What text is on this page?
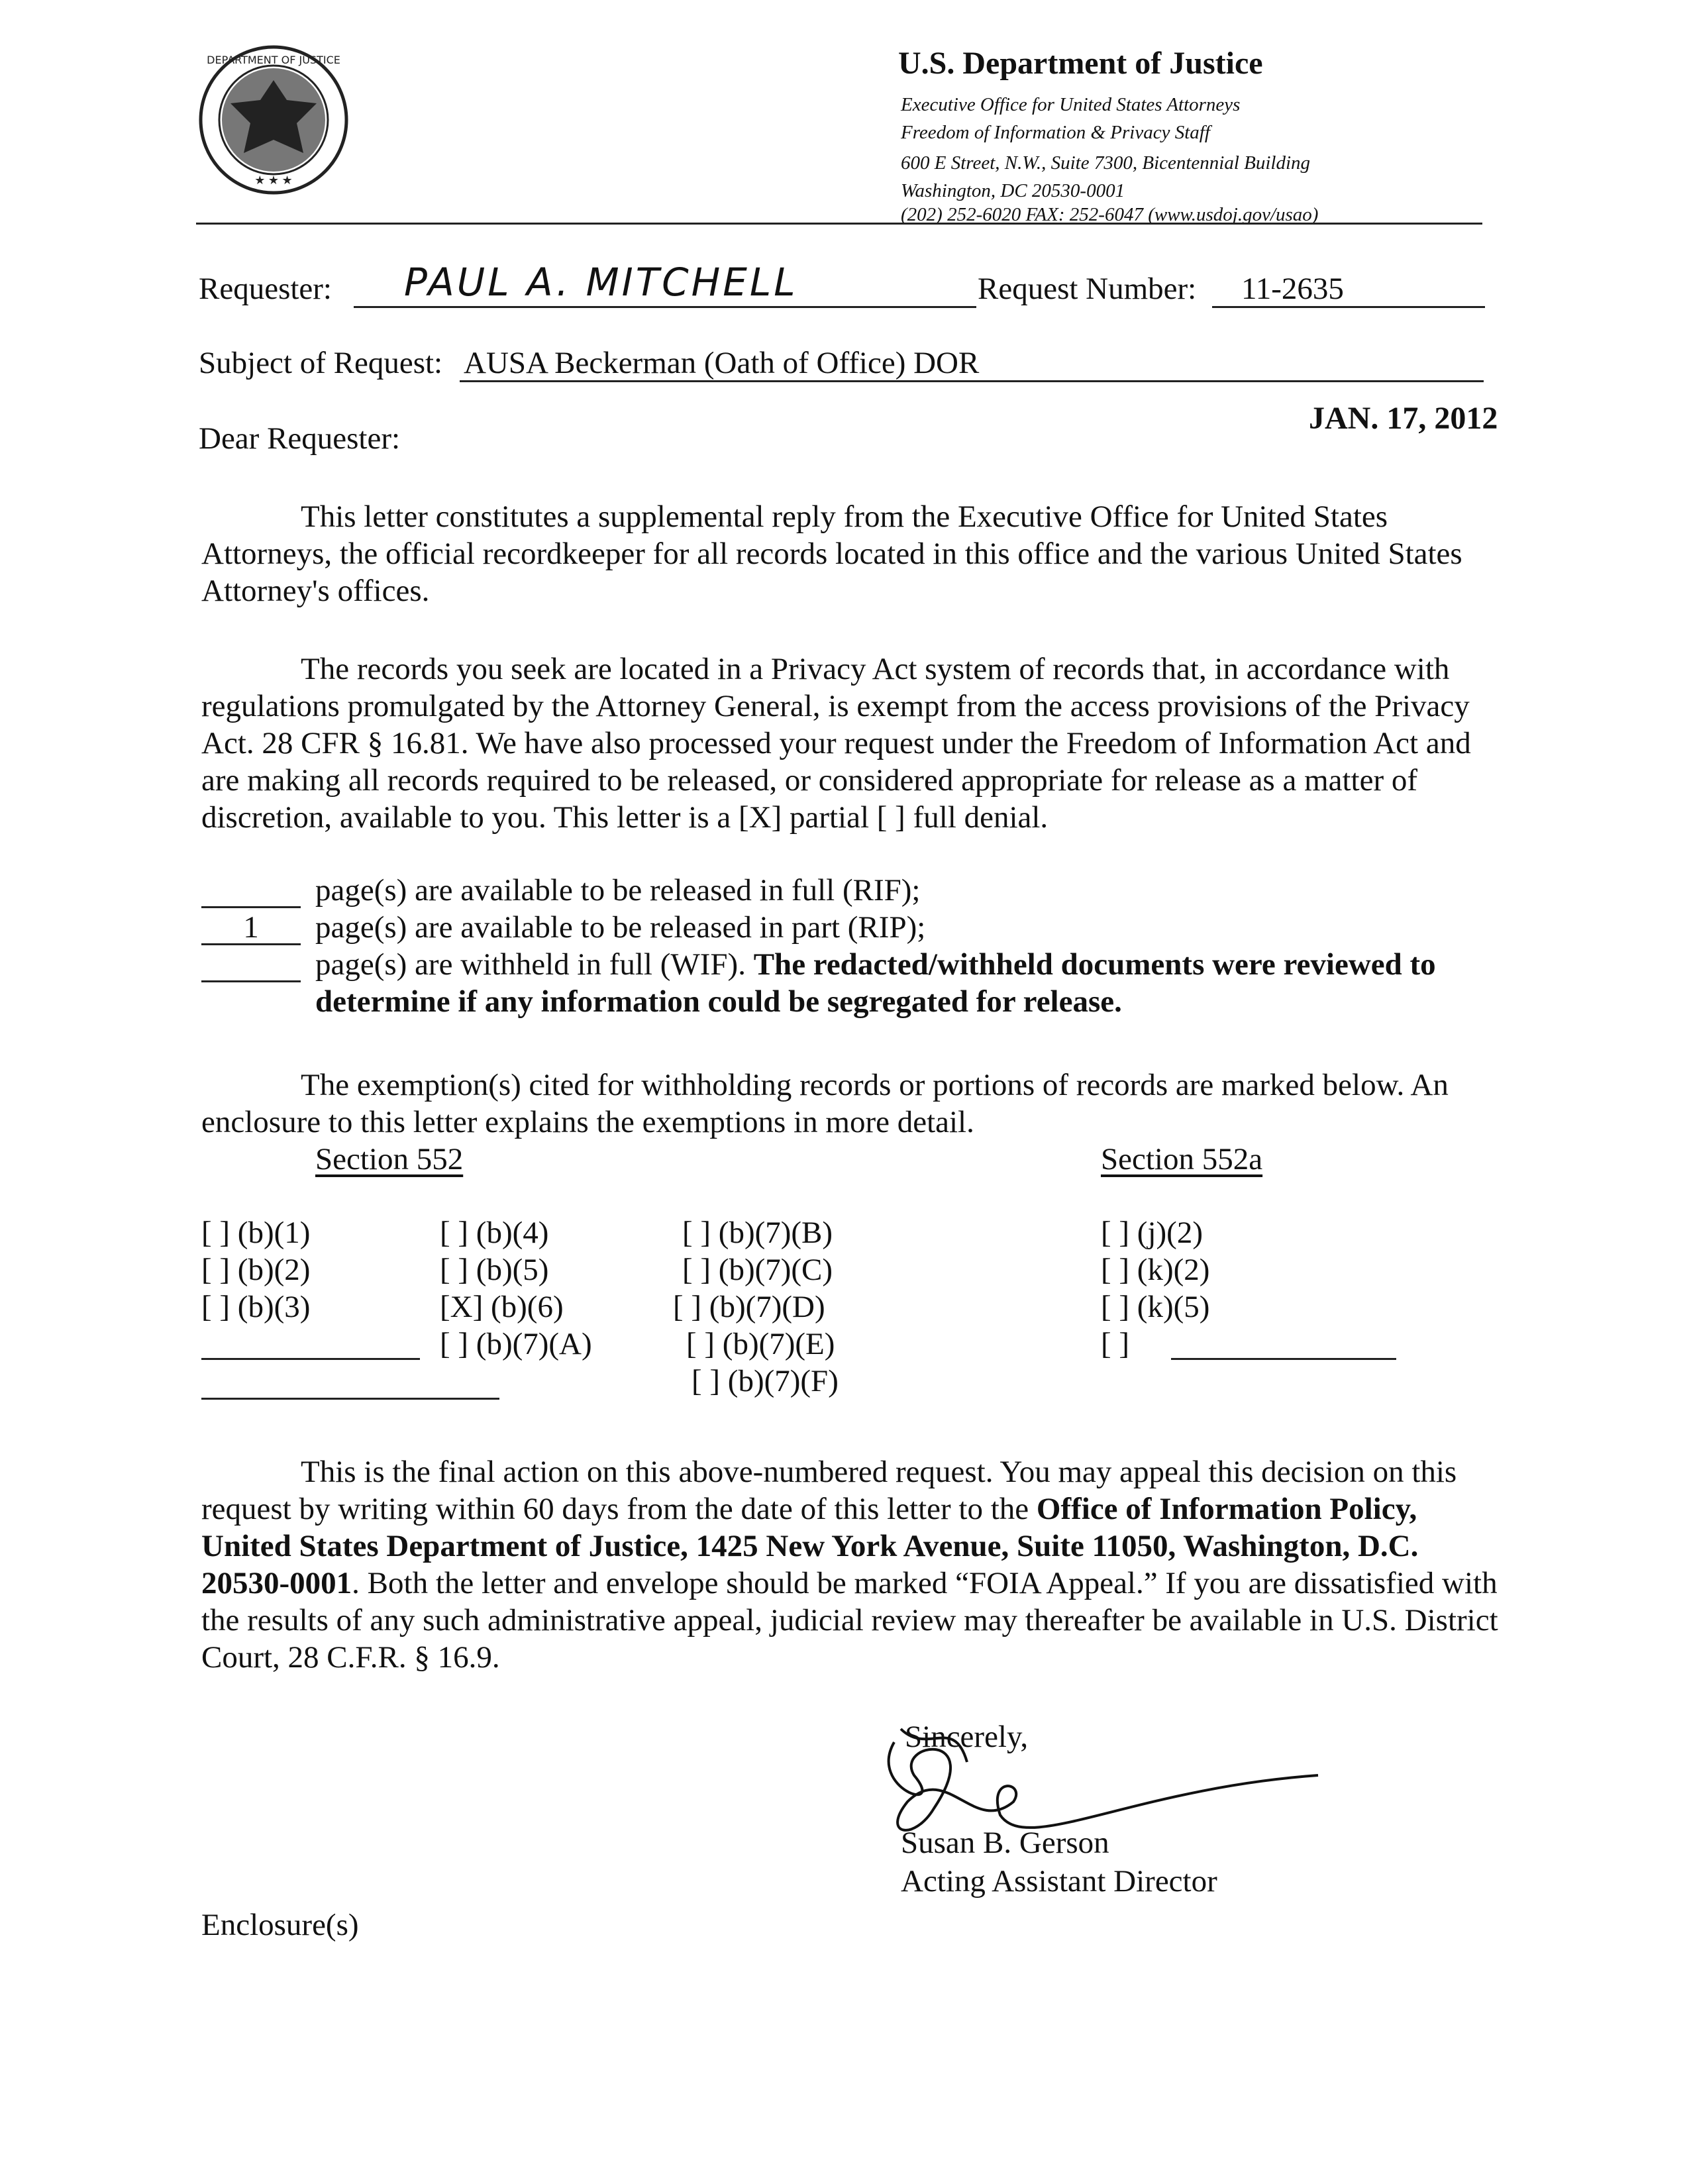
DEPARTMENT OF JUSTICE
★ ★ ★
U.S. Department of Justice
Executive Office for United States Attorneys
Freedom of Information & Privacy Staff
600 E Street, N.W., Suite 7300, Bicentennial Building
Washington, DC 20530-0001
(202) 252-6020 FAX: 252-6047 (www.usdoj.gov/usao)
Requester: PAUL A. MITCHELL	Request Number: 11-2635
Subject of Request: AUSA Beckerman (Oath of Office) DOR
JAN. 17, 2012
Dear Requester:
This letter constitutes a supplemental reply from the Executive Office for United States Attorneys, the official recordkeeper for all records located in this office and the various United States Attorney's offices.
The records you seek are located in a Privacy Act system of records that, in accordance with regulations promulgated by the Attorney General, is exempt from the access provisions of the Privacy Act. 28 CFR § 16.81. We have also processed your request under the Freedom of Information Act and are making all records required to be released, or considered appropriate for release as a matter of discretion, available to you. This letter is a [X] partial [ ] full denial.
page(s) are available to be released in full (RIF);
1	page(s) are available to be released in part (RIP);
page(s) are withheld in full (WIF). The redacted/withheld documents were reviewed to determine if any information could be segregated for release.
The exemption(s) cited for withholding records or portions of records are marked below. An enclosure to this letter explains the exemptions in more detail.
Section 552	Section 552a
[ ] (b)(1)
[ ] (b)(2)
[ ] (b)(3)
[ ] (b)(4)
[ ] (b)(5)
[X] (b)(6)
[ ] (b)(7)(A)
[ ] (b)(7)(B)
[ ] (b)(7)(C)
[ ] (b)(7)(D)
[ ] (b)(7)(E)
[ ] (b)(7)(F)
[ ] (j)(2)
[ ] (k)(2)
[ ] (k)(5)
[ ]
This is the final action on this above-numbered request. You may appeal this decision on this request by writing within 60 days from the date of this letter to the Office of Information Policy, United States Department of Justice, 1425 New York Avenue, Suite 11050, Washington, D.C. 20530-0001. Both the letter and envelope should be marked “FOIA Appeal.” If you are dissatisfied with the results of any such administrative appeal, judicial review may thereafter be available in U.S. District Court, 28 C.F.R. § 16.9.
Sincerely,
Susan B. Gerson
Acting Assistant Director
Enclosure(s)
